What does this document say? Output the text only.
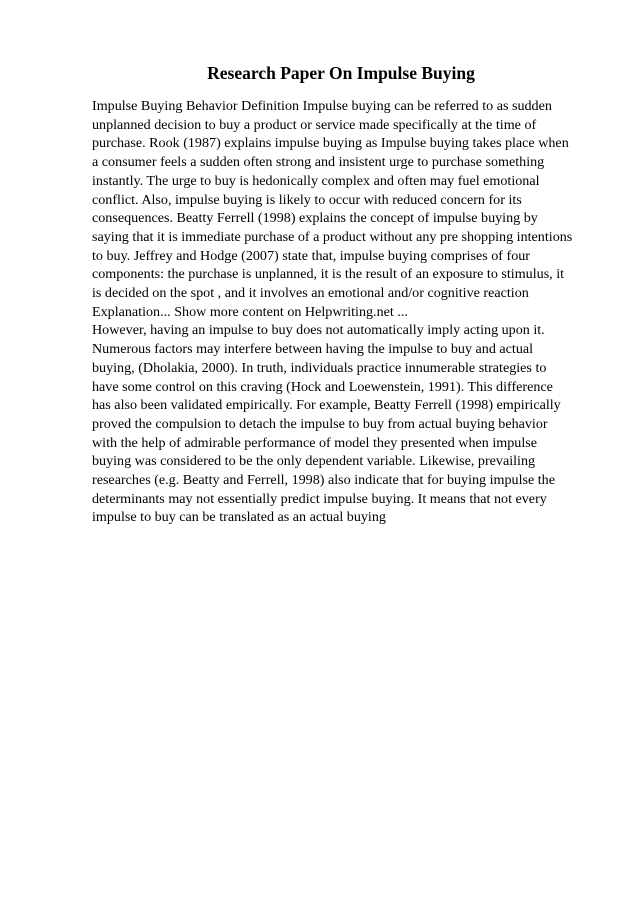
Research Paper On Impulse Buying
Impulse Buying Behavior Definition Impulse buying can be referred to as sudden
unplanned decision to buy a product or service made specifically at the time of
purchase. Rook (1987) explains impulse buying as Impulse buying takes place when
a consumer feels a sudden often strong and insistent urge to purchase something
instantly. The urge to buy is hedonically complex and often may fuel emotional
conflict. Also, impulse buying is likely to occur with reduced concern for its
consequences. Beatty Ferrell (1998) explains the concept of impulse buying by
saying that it is immediate purchase of a product without any pre shopping intentions
to buy. Jeffrey and Hodge (2007) state that, impulse buying comprises of four
components: the purchase is unplanned, it is the result of an exposure to stimulus, it
is decided on the spot , and it involves an emotional and/or cognitive reaction
Explanation... Show more content on Helpwriting.net ...
However, having an impulse to buy does not automatically imply acting upon it.
Numerous factors may interfere between having the impulse to buy and actual
buying, (Dholakia, 2000). In truth, individuals practice innumerable strategies to
have some control on this craving (Hock and Loewenstein, 1991). This difference
has also been validated empirically. For example, Beatty Ferrell (1998) empirically
proved the compulsion to detach the impulse to buy from actual buying behavior
with the help of admirable performance of model they presented when impulse
buying was considered to be the only dependent variable. Likewise, prevailing
researches (e.g. Beatty and Ferrell, 1998) also indicate that for buying impulse the
determinants may not essentially predict impulse buying. It means that not every
impulse to buy can be translated as an actual buying
